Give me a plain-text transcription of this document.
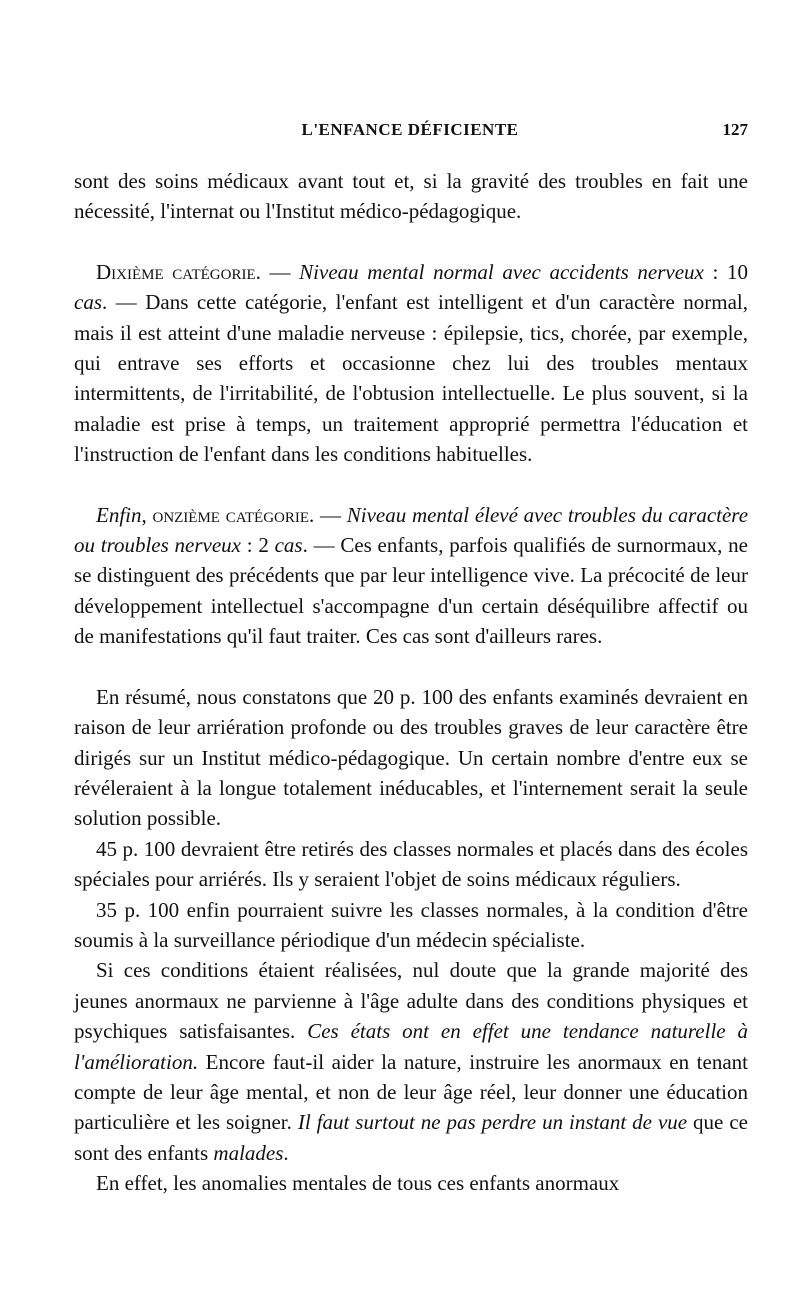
L'ENFANCE DÉFICIENTE	127

sont des soins médicaux avant tout et, si la gravité des troubles en fait une nécessité, l'internat ou l'Institut médico-pédagogique.

Dixième catégorie. — Niveau mental normal avec accidents nerveux : 10 cas. — Dans cette catégorie, l'enfant est intelligent et d'un caractère normal, mais il est atteint d'une maladie nerveuse : épilepsie, tics, chorée, par exemple, qui entrave ses efforts et occasionne chez lui des troubles mentaux intermittents, de l'irritabilité, de l'obtusion intellectuelle. Le plus souvent, si la maladie est prise à temps, un traitement approprié permettra l'éducation et l'instruction de l'enfant dans les conditions habituelles.

Enfin, onzième catégorie. — Niveau mental élevé avec troubles du caractère ou troubles nerveux : 2 cas. — Ces enfants, parfois qualifiés de surnormaux, ne se distinguent des précédents que par leur intelligence vive. La précocité de leur développement intellectuel s'accompagne d'un certain déséquilibre affectif ou de manifestations qu'il faut traiter. Ces cas sont d'ailleurs rares.

En résumé, nous constatons que 20 p. 100 des enfants examinés devraient en raison de leur arriération profonde ou des troubles graves de leur caractère être dirigés sur un Institut médico-pédagogique. Un certain nombre d'entre eux se révéleraient à la longue totalement inéducables, et l'internement serait la seule solution possible.

45 p. 100 devraient être retirés des classes normales et placés dans des écoles spéciales pour arriérés. Ils y seraient l'objet de soins médicaux réguliers.

35 p. 100 enfin pourraient suivre les classes normales, à la condition d'être soumis à la surveillance périodique d'un médecin spécialiste.

Si ces conditions étaient réalisées, nul doute que la grande majorité des jeunes anormaux ne parvienne à l'âge adulte dans des conditions physiques et psychiques satisfaisantes. Ces états ont en effet une tendance naturelle à l'amélioration. Encore faut-il aider la nature, instruire les anormaux en tenant compte de leur âge mental, et non de leur âge réel, leur donner une éducation particulière et les soigner. Il faut surtout ne pas perdre un instant de vue que ce sont des enfants malades.

En effet, les anomalies mentales de tous ces enfants anormaux
